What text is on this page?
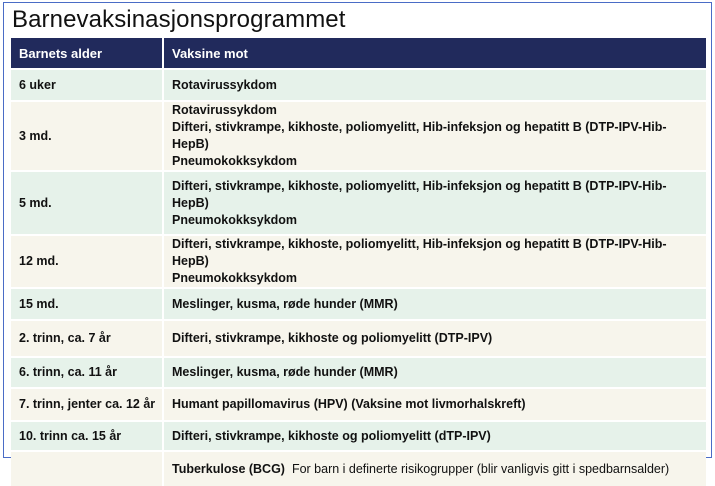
Barnevaksinasjonsprogrammet
Barnets alder	Vaksine mot
6 uker	Rotavirussykdom

3 md.	Rotavirussykdom
Difteri, stivkrampe, kikhoste, poliomyelitt, Hib-infeksjon og hepatitt B (DTP-IPV-Hib-HepB)
Pneumokokksykdom

5 md.	Difteri, stivkrampe, kikhoste, poliomyelitt, Hib-infeksjon og hepatitt B (DTP-IPV-Hib-
HepB)
Pneumokokksykdom

12 md.	Difteri, stivkrampe, kikhoste, poliomyelitt, Hib-infeksjon og hepatitt B (DTP-IPV-Hib-HepB)
Pneumokokksykdom

15 md.	Meslinger, kusma, røde hunder (MMR)

2. trinn, ca. 7 år	Difteri, stivkrampe, kikhoste og poliomyelitt (DTP-IPV)

6. trinn, ca. 11 år	Meslinger, kusma, røde hunder (MMR)

7. trinn, jenter ca. 12 år	Humant papillomavirus (HPV) (Vaksine mot livmorhalskreft)

10. trinn ca. 15 år	Difteri, stivkrampe, kikhoste og poliomyelitt (dTP-IPV)

	Tuberkulose (BCG) For barn i definerte risikogrupper (blir vanligvis gitt i spedbarnsalder)
